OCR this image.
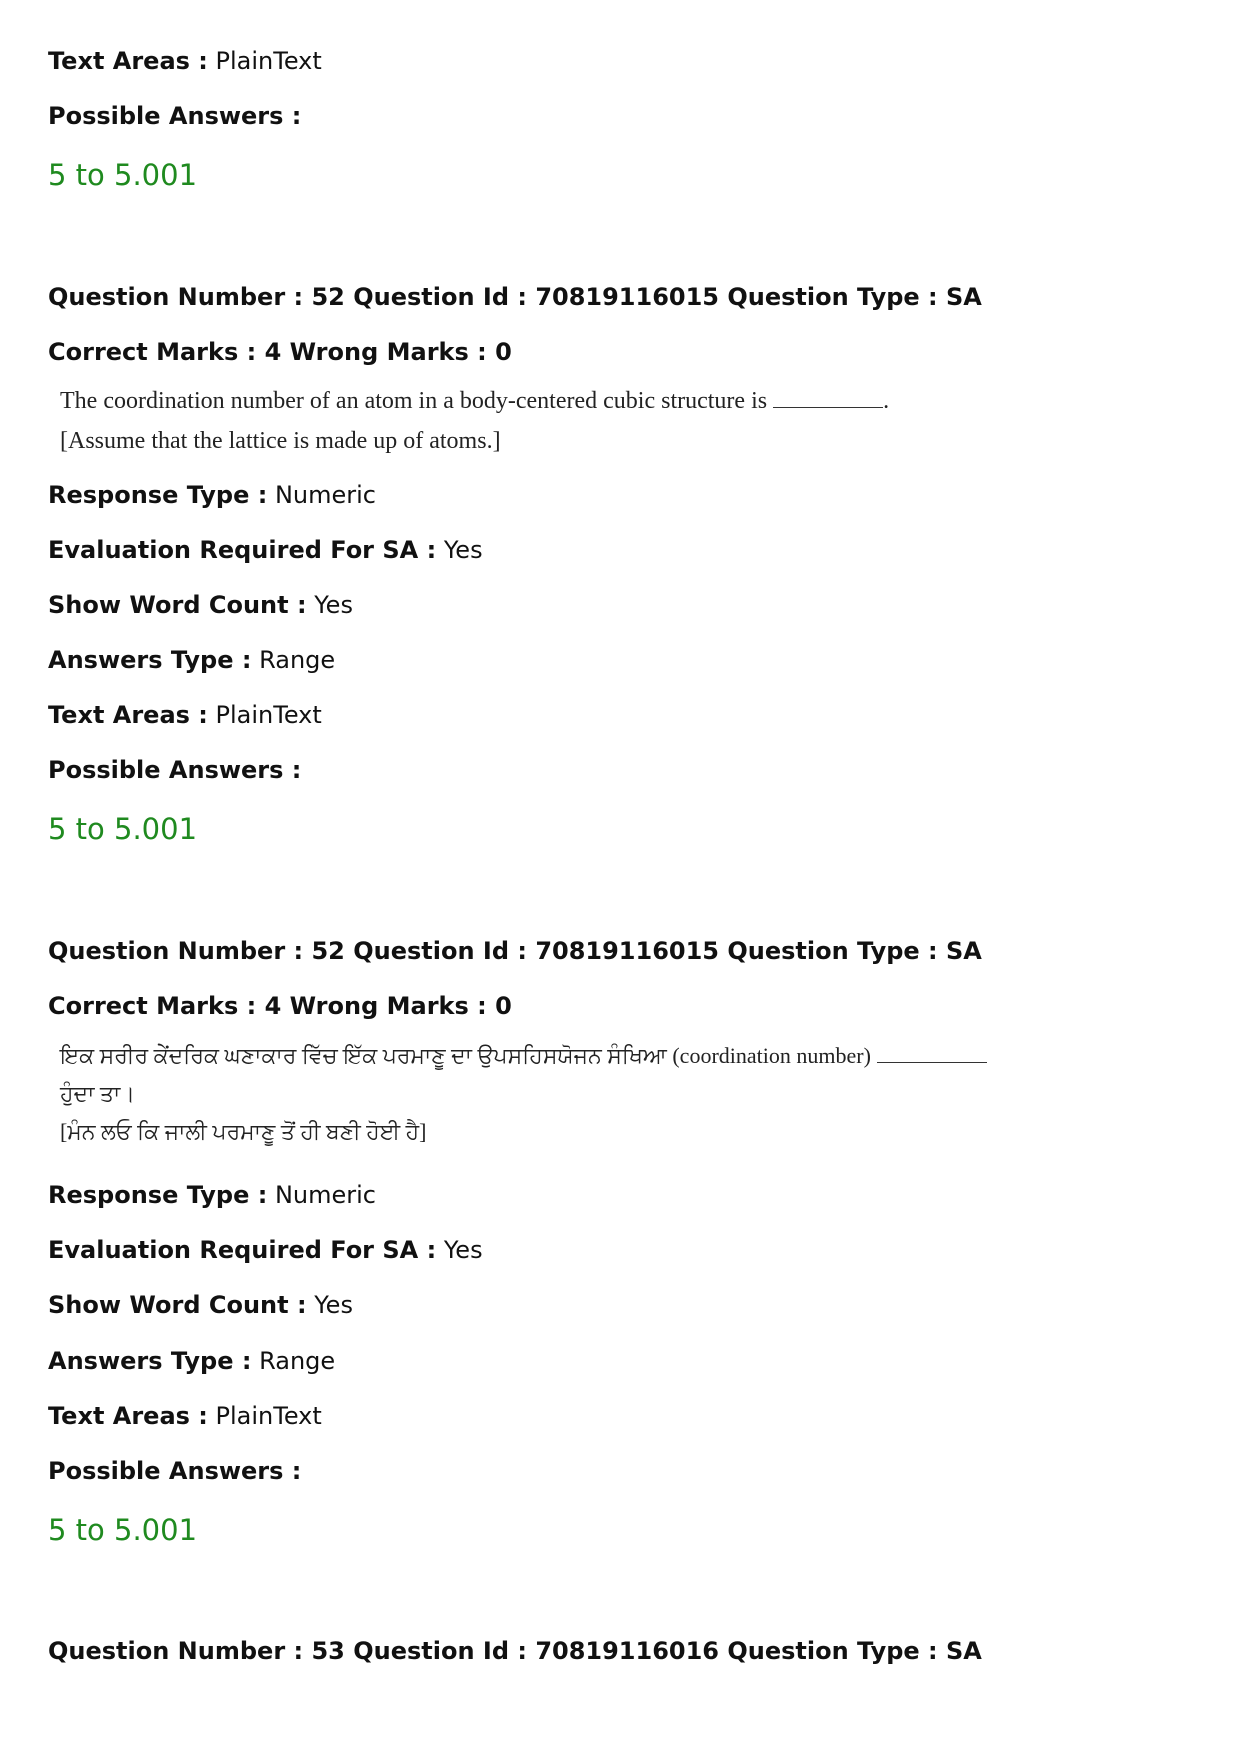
Text Areas : PlainText
Possible Answers :
5 to 5.001
Question Number : 52 Question Id : 70819116015 Question Type : SA
Correct Marks : 4 Wrong Marks : 0
The coordination number of an atom in a body-centered cubic structure is	.
[Assume that the lattice is made up of atoms.]
Response Type : Numeric
Evaluation Required For SA : Yes
Show Word Count : Yes
Answers Type : Range
Text Areas : PlainText
Possible Answers :
5 to 5.001
Question Number : 52 Question Id : 70819116015 Question Type : SA
Correct Marks : 4 Wrong Marks : 0
ਇਕ ਸਰੀਰ ਕੇਂਦਰਿਕ ਘਣਾਕਾਰ ਵਿੱਚ ਇੱਕ ਪਰਮਾਣੂ ਦਾ ਉਪਸਹਿਸਯੋਜਨ ਸੰਖਿਆ (coordination number)
ਹੁੰਦਾ ਤਾ।
[ਮੰਨ ਲਓ ਕਿ ਜਾਲੀ ਪਰਮਾਣੂ ਤੋਂ ਹੀ ਬਣੀ ਹੋਈ ਹੈ]
Response Type : Numeric
Evaluation Required For SA : Yes
Show Word Count : Yes
Answers Type : Range
Text Areas : PlainText
Possible Answers :
5 to 5.001
Question Number : 53 Question Id : 70819116016 Question Type : SA
